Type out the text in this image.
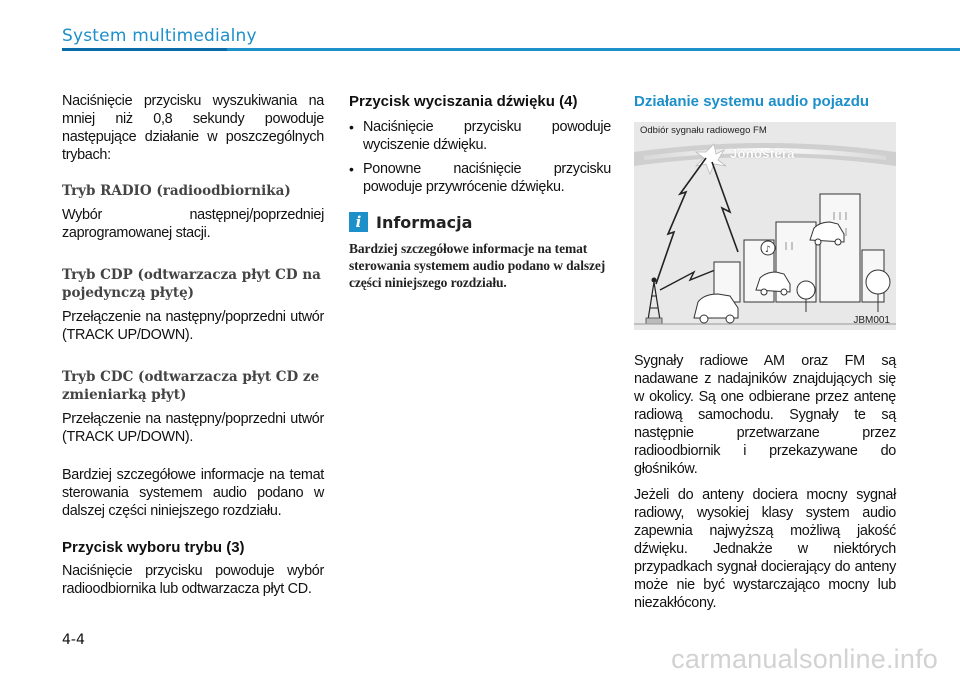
System multimedialny

Naciśnięcie przycisku wyszukiwania na mniej niż 0,8 sekundy powoduje następujące działanie w poszczególnych trybach:

Tryb RADIO (radioodbiornika)

Wybór następnej/poprzedniej zaprogramowanej stacji.

Tryb CDP (odtwarzacza płyt CD na pojedynczą płytę)

Przełączenie na następny/poprzedni utwór (TRACK UP/DOWN).

Tryb CDC (odtwarzacza płyt CD ze zmieniarką płyt)

Przełączenie na następny/poprzedni utwór (TRACK UP/DOWN).

Bardziej szczegółowe informacje na temat sterowania systemem audio podano w dalszej części niniejszego rozdziału.

Przycisk wyboru trybu (3)

Naciśnięcie przycisku powoduje wybór radioodbiornika lub odtwarzacza płyt CD.

Przycisk wyciszania dźwięku (4)

• Naciśnięcie przycisku powoduje wyciszenie dźwięku.

• Ponowne naciśnięcie przycisku powoduje przywrócenie dźwięku.

i Informacja
Bardziej szczegółowe informacje na temat sterowania systemem audio podano w dalszej części niniejszego rozdziału.
Działanie systemu audio pojazdu
♪
Odbiór sygnału radiowego FM
Jonosfera
JBM001

Sygnały radiowe AM oraz FM są nadawane z nadajników znajdujących się w okolicy. Są one odbierane przez antenę radiową samochodu. Sygnały te są następnie przetwarzane przez radioodbiornik i przekazywane do głośników.

Jeżeli do anteny dociera mocny sygnał radiowy, wysokiej klasy system audio zapewnia najwyższą możliwą jakość dźwięku. Jednakże w niektórych przypadkach sygnał docierający do anteny może nie być wystarczająco mocny lub niezakłócony.

4-4
carmanualsonline.info
